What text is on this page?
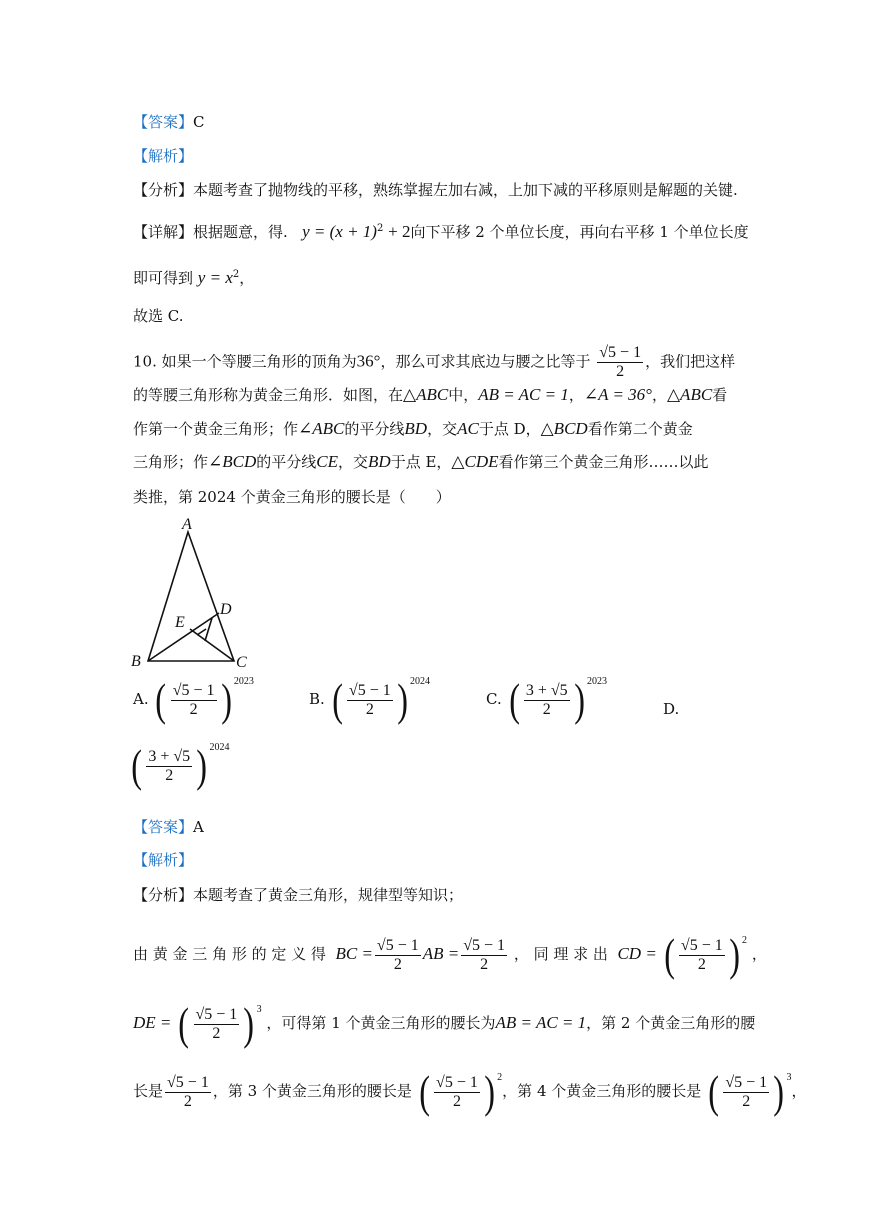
【答案】C
【解析】
【分析】本题考查了抛物线的平移，熟练掌握左加右减，上加下减的平移原则是解题的关键.
【详解】根据题意，得. $y = (x + 1)^2 + 2$向下平移 2 个单位长度，再向右平移 1 个单位长度
即可得到 $y = x^2$，
故选 C.
10. 如果一个等腰三角形的顶角为36°，那么可求其底边与腰之比等于 $\frac{√5 - 1}{2}$ ，我们把这样
的等腰三角形称为黄金三角形．如图，在△ABC中，AB = AC = 1，∠A = 36°，△ABC看
作第一个黄金三角形；作∠ABC的平分线BD，交AC于点 D，△BCD看作第二个黄金
三角形；作∠BCD的平分线CE，交BD于点 E，△CDE看作第三个黄金三角形……以此
类推，第 2024 个黄金三角形的腰长是（　　）
A
B	C
D
E
A. ( $\frac{√5 - 1}{2}$ ) 2023
B. ( $\frac{√5 - 1}{2}$ ) 2024
C. ( $\frac{3 + √5}{2}$ ) 2023
D.
( $\frac{3 + √5}{2}$ ) 2024
【答案】A
【解析】
【分析】本题考查了黄金三角形，规律型等知识；
由 黄 金 三 角 形 的 定 义 得 BC = $\frac{√5 - 1}{2}$ AB = $\frac{√5 - 1}{2}$ ， 同 理 求 出 CD = ( $\frac{√5 - 1}{2}$ ) 2
，
DE = ( $\frac{√5 - 1}{2}$ ) 3
，可得第 1 个黄金三角形的腰长为AB = AC = 1，第 2 个黄金三角形的腰
长是 $\frac{√5 - 1}{2}$ ，第 3 个黄金三角形的腰长是 ( $\frac{√5 - 1}{2}$ ) 2
，第 4 个黄金三角形的腰长是 ( $\frac{√5 - 1}{2}$ ) 3
，
